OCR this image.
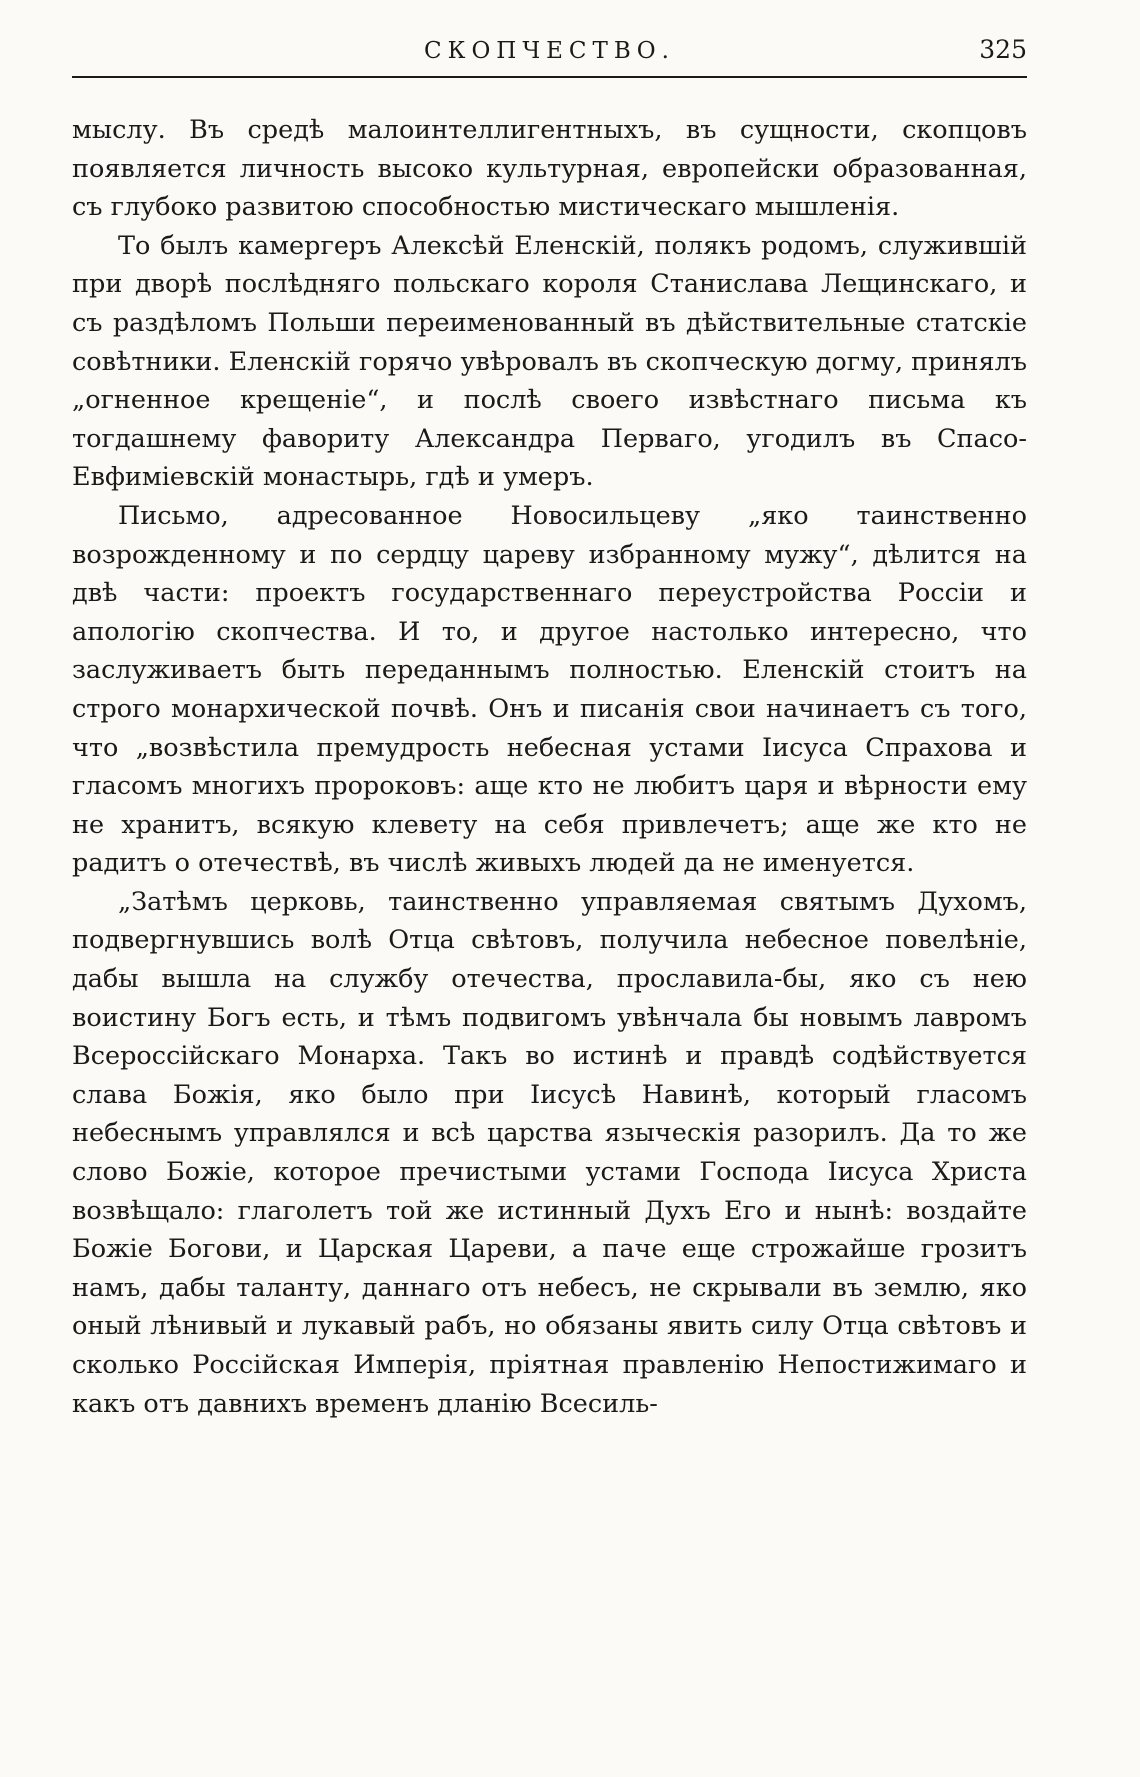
СКОПЧЕСТВО.	325

мыслу. Въ средѣ малоинтеллигентныхъ, въ сущности, скопцовъ появляется личность высоко культурная, европейски образованная, съ глубоко развитою способностью мистическаго мышленія.

То былъ камергеръ Алексѣй Еленскій, полякъ родомъ, служившій при дворѣ послѣдняго польскаго короля Станислава Лещинскаго, и съ раздѣломъ Польши переименованный въ дѣйствительные статскіе совѣтники. Еленскій горячо увѣровалъ въ скопческую догму, принялъ „огненное крещеніе“, и послѣ своего извѣстнаго письма къ тогдашнему фавориту Александра Перваго, угодилъ въ Спасо-Евфиміевскій монастырь, гдѣ и умеръ.

Письмо, адресованное Новосильцеву „яко таинственно возрожденному и по сердцу цареву избранному мужу“, дѣлится на двѣ части: проектъ государственнаго переустройства Россіи и апологію скопчества. И то, и другое настолько интересно, что заслуживаетъ быть переданнымъ полностью. Еленскій стоитъ на строго монархической почвѣ. Онъ и писанія свои начинаетъ съ того, что „возвѣстила премудрость небесная устами Іисуса Спрахова и гласомъ многихъ пророковъ: аще кто не любитъ царя и вѣрности ему не хранитъ, всякую клевету на себя привлечетъ; аще же кто не радитъ о отечествѣ, въ числѣ живыхъ людей да не именуется.

„Затѣмъ церковь, таинственно управляемая святымъ Духомъ, подвергнувшись волѣ Отца свѣтовъ, получила небесное повелѣніе, дабы вышла на службу отечества, прославила-бы, яко съ нею воистину Богъ есть, и тѣмъ подвигомъ увѣнчала бы новымъ лавромъ Всероссійскаго Монарха. Такъ во истинѣ и правдѣ содѣйствуется слава Божія, яко было при Іисусѣ Навинѣ, который гласомъ небеснымъ управлялся и всѣ царства языческія разорилъ. Да то же слово Божіе, которое пречистыми устами Господа Іисуса Христа возвѣщало: глаголетъ той же истинный Духъ Его и нынѣ: воздайте Божіе Богови, и Царская Цареви, а паче еще строжайше грозитъ намъ, дабы таланту, даннаго отъ небесъ, не скрывали въ землю, яко оный лѣнивый и лукавый рабъ, но обязаны явить силу Отца свѣтовъ и сколько Россійская Имперія, пріятная правленію Непостижимаго и какъ отъ давнихъ временъ дланію Всесиль-
